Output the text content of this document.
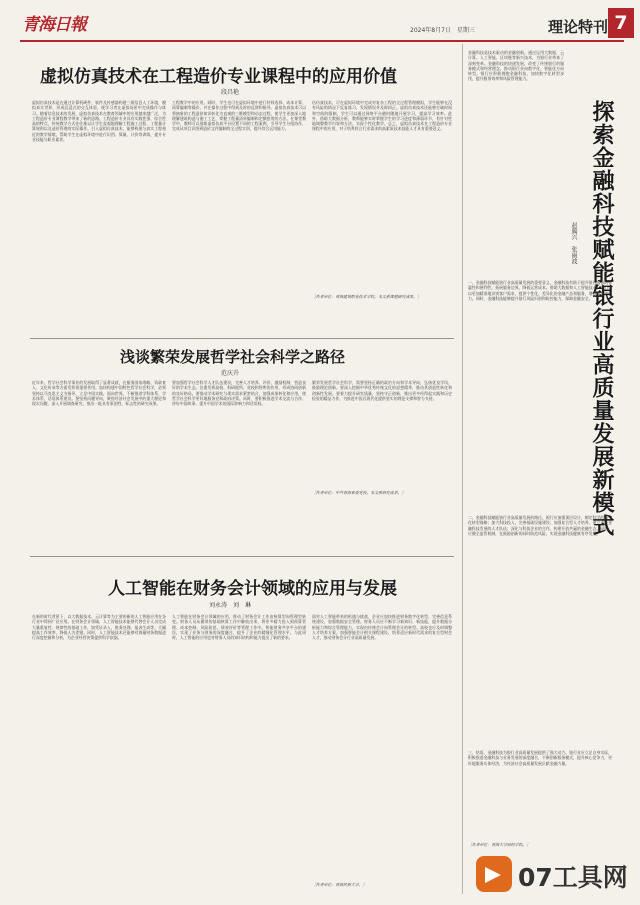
青海日報	2024年8月7日　星期三	理论特刊 7
虚拟仿真技术在工程造价专业课程中的应用价值
段昌艳
虚拟仿真技术是在通过计算机硬件、软件及传感器构建三维信息人工环境，模拟真实世界，形成沉浸式的交互体验，使学习者在虚拟场景中完成操作与练习。随着信息技术的发展，虚拟仿真技术在教育领域中的应用越来越广泛，为工程造价专业课程教学带来了新的思路。工程造价专业具有实践性强、综合性高的特点，传统教学方式往往难以让学生直观地理解工程施工过程、工程量计算规则以及造价管理的实际操作。引入虚拟仿真技术，能够构建与真实工程相近的教学情境，帮助学生在虚拟环境中进行识图、算量、计价等训练，提升专业技能与职业素养。
工程教学中的应用。同时，学生也可在虚拟环境中进行材料选择、成本计算、预算编制等操作，并在操作过程中得到及时的反馈和指导。虚拟仿真技术可以将抽象的工程造价知识转化为直观的三维模型和动态过程，使学生更加深入地理解建筑构造与施工工艺，掌握工程量清单编制和定额套用的方法。在课堂教学中，教师可以借助虚拟仿真平台设置不同的工程案例，引导学生分组协作，完成从项目识图到造价文件编制的全过程实训，提升综合运用能力。
仿仿真技术，可在虚拟环境中完成对复杂工程的全过程管理模拟，学生能够在没有风险的情况下反复练习，发现错误并及时纠正。虚拟仿真技术还能够打破时间和空间的限制，学生可以通过网络平台随时随地开展学习，提高学习效率。此外，借助大数据分析，教师能够实时掌握学生的学习进度和薄弱环节，有针对性地调整教学内容和方法，实现个性化教学。总之，虚拟仿真技术在工程造价专业课程中的应用，对于培养符合行业需求的高素质技术技能人才具有重要意义。
［作者单位：青海建筑职业技术学院。本文系课题研究成果。］
浅谈繁荣发展哲学社会科学之路径
范庆升
近年来，哲学社会科学事业的发展取得了显著成就，在服务国家战略、资政育人、文化传承等方面发挥着重要作用。加快构建中国特色哲学社会科学，必须坚持以马克思主义为指导，立足中国实践，面向世界，不断推进学科体系、学术体系、话语体系建设。要坚持问题导向，聚焦经济社会发展中的重大理论和现实问题，深入开展调查研究，推出一批具有原创性、标志性的研究成果。
要加强哲学社会科学人才队伍建设，完善人才培养、评价、激励机制，营造良好的学术生态。注重发挥高校、科研院所、党校和智库的作用，形成协同创新的良好格局。要推动学术研究与现实需求紧密结合，加强成果转化和应用，使哲学社会科学更好地服务党和政府决策。同时，要积极推进学术交流与合作，讲好中国故事，提升中国学术的国际影响力和话语权。
繁荣发展哲学社会科学，需要坚持正确的政治方向和学术导向，弘扬优良学风，鼓励理论创新。要深入挖掘中华优秀传统文化的思想精华，推动其创造性转化和创新性发展。要着力提升研究质量，坚持守正创新，推出更多经得起实践和历史检验的精品力作，为推进中国式现代化提供坚实的理论支撑和智力支持。
［作者单位：中共青海省委党校。本文系研究成果。］
人工智能在财务会计领域的应用与发展
刘永涛　刘　琳
在新的时代背景下，以大数据技术、云计算等为主要的新的人工智能应用在各行业中得到广泛应用。在财务会计领域，人工智能技术能够代替会计人员完成大量重复性、规律性的基础工作，如凭证录入、账务处理、报表生成等，大幅提高工作效率，降低人为差错。同时，人工智能技术还能够对海量财务数据进行深度挖掘和分析，为企业经营决策提供科学依据。
人工智能在财务会计领域的应用，推动了财务会计工作由核算型向管理型转变。财务人员从繁琐的基础核算工作中解放出来，将更多精力投入到预算管理、成本控制、风险防范、绩效评价等管理工作中。智能财务共享平台的建设，实现了业务与财务的深度融合，提升了企业的精细化管理水平。与此同时，人工智能的应用也对财务人员的知识结构和能力提出了新的要求。
面对人工智能带来的机遇与挑战，企业应加快推进财务数字化转型，完善信息系统建设，加强数据安全管理。财务人员应不断学习新知识、新技能，提升数据分析能力和综合管理能力，实现由传统会计向管理会计的转型。高校也应及时调整人才培养方案，加强智能会计相关课程建设，培养适应新时代需求的复合型财会人才，推动财务会计行业高质量发展。
［作者单位：青海民族大学。］
探索金融科技赋能银行业高质量发展新模式
赵腾兴　张丽波
金融科技是技术驱动的金融创新，通过运用大数据、云计算、人工智能、区块链等新兴技术，为银行业带来了深刻变革。金融科技的快速发展，改变了传统银行的服务模式和经营理念，推动银行业向数字化、智能化方向转型。银行应积极拥抱金融科技，加快数字化转型步伐，提升服务效率和风险管理能力。
一、金融科技赋能银行业高质量发展的重要意义。金融科技有助于提升银行服务的普惠性和便利性，拓展服务边界，降低运营成本。借助大数据和人工智能技术，银行可以更加精准地识别客户需求，提供个性化、差异化的金融产品和服务，增强市场竞争力。同时，金融科技能够提升银行风险识别和防控能力，保障金融安全。
二、金融科技赋能银行业高质量发展的路径。银行应加强顶层设计，制定科学的数字化转型战略；加大科技投入，完善基础设施建设；加强复合型人才培养，建立适应金融科技发展的人才队伍；深化与科技企业的合作，构建开放共赢的金融生态。同时，应健全监管机制，在鼓励创新的同时防范风险，实现金融科技健康有序发展。
三、结语。金融科技为银行业高质量发展提供了强大动力。银行业应立足自身实际，积极推进金融科技与业务发展的深度融合，不断创新服务模式，提升核心竞争力，更好地服务实体经济，为经济社会高质量发展贡献金融力量。
［作者单位：青海大学财经学院。］
07工具网
